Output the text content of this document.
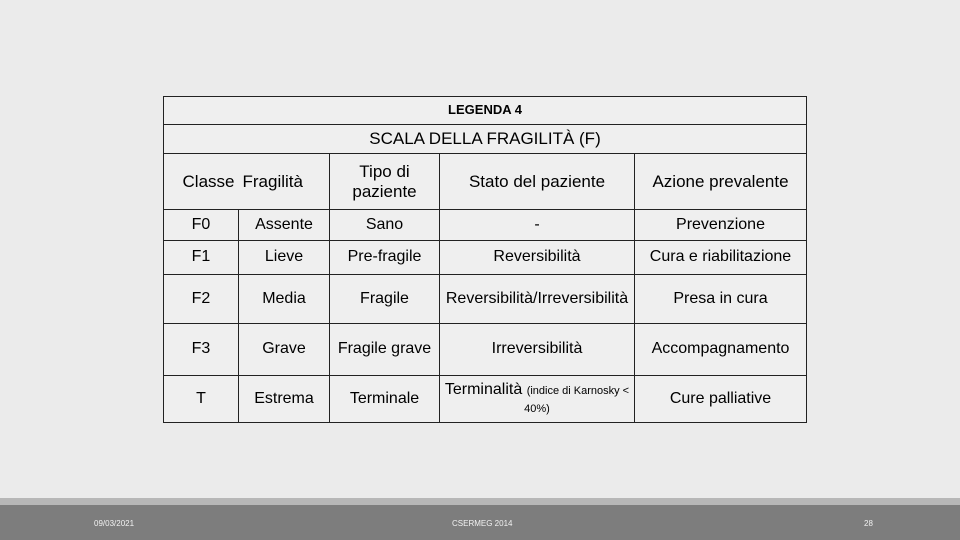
LEGENDA 4				
SCALA DELLA FRAGILITÀ (F)				
Classe	Fragilità	Tipo di paziente	Stato del paziente	Azione prevalente
F0	Assente	Sano	-	Prevenzione
F1	Lieve	Pre-fragile	Reversibilità	Cura e riabilitazione
F2	Media	Fragile	Reversibilità/Irreversibilità	Presa in cura
F3	Grave	Fragile grave	Irreversibilità	Accompagnamento
T	Estrema	Terminale	Terminalità (indice di Karnosky < 40%)	Cure palliative
09/03/2021	CSERMEG 2014	28
